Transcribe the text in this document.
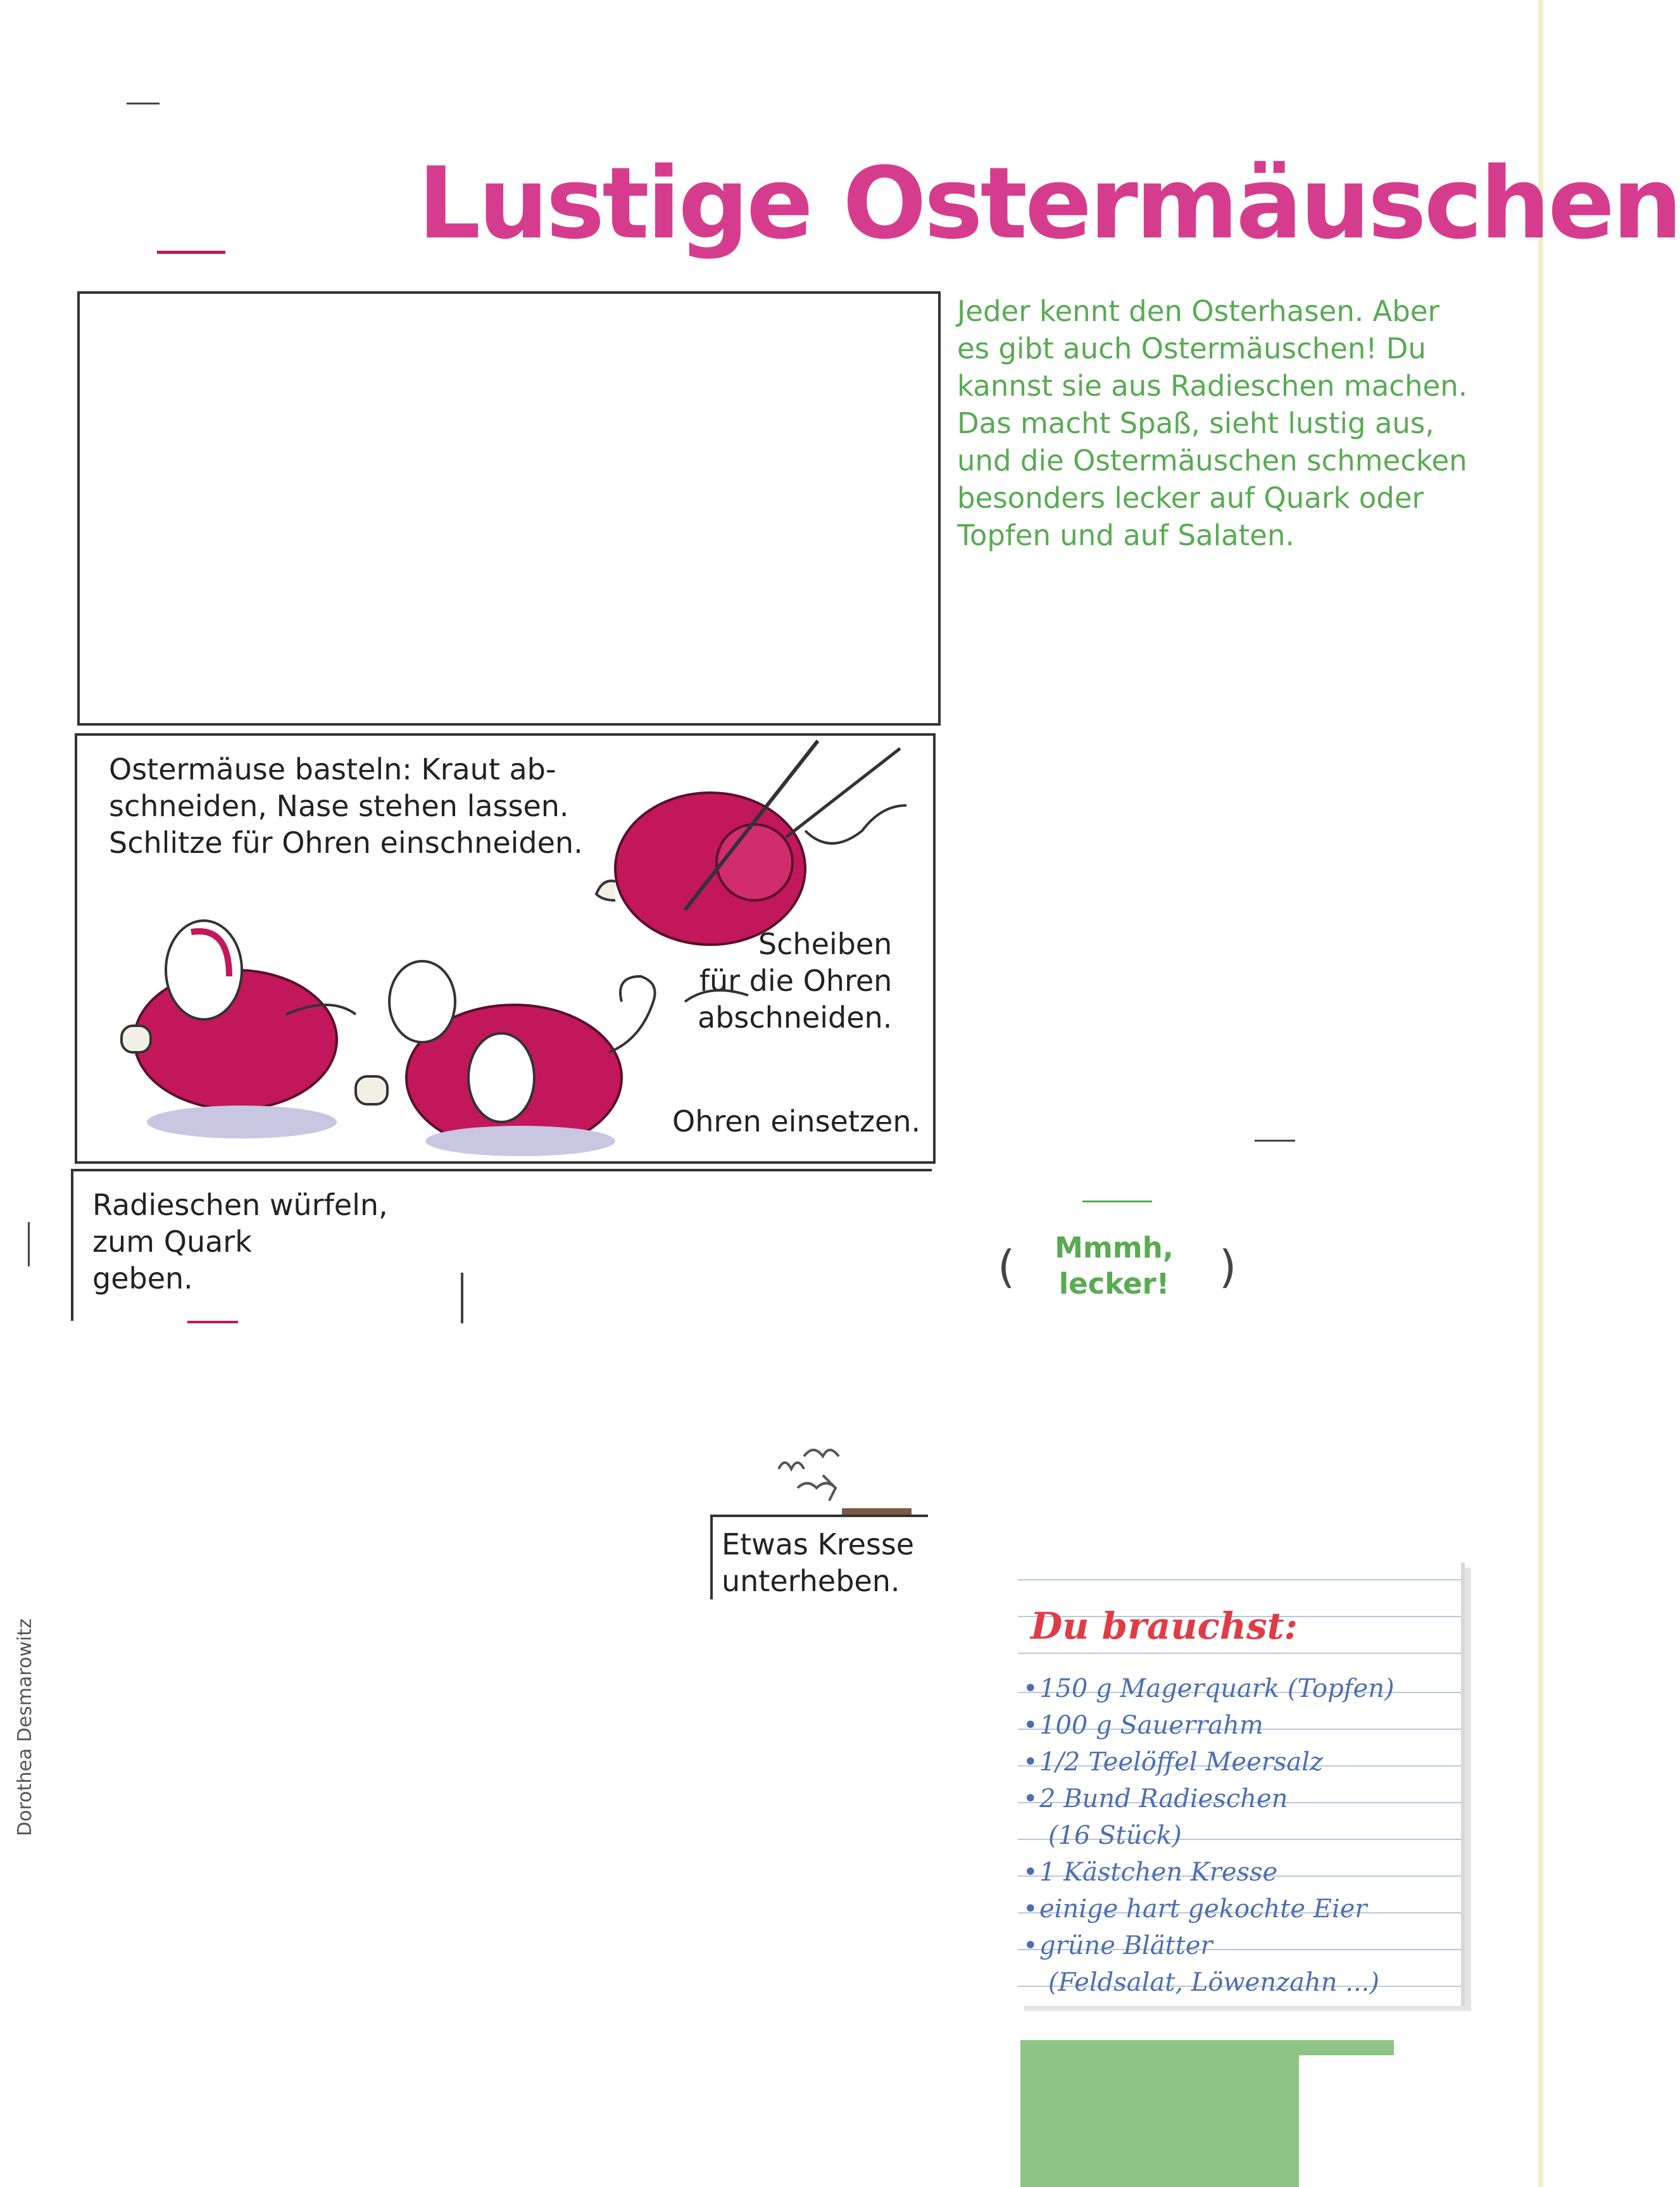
Lustige Ostermäuschen
Jeder kennt den Osterhasen. Aber
es gibt auch Ostermäuschen! Du
kannst sie aus Radieschen machen.
Das macht Spaß, sieht lustig aus,
und die Ostermäuschen schmecken
besonders lecker auf Quark oder
Topfen und auf Salaten.
Ostermäuse basteln: Kraut ab-
schneiden, Nase stehen lassen.
Schlitze für Ohren einschneiden.
Scheiben
für die Ohren
abschneiden.
Ohren einsetzen.
Radieschen würfeln,
zum Quark
geben.	(	Mmmh,
lecker!	)
Etwas Kresse
unterheben.
Dorothea Desmarowitz	Du brauchst:
•150 g Magerquark (Topfen)
•100 g Sauerrahm
•1/2 Teelöffel Meersalz
•2 Bund Radieschen
(16 Stück)
•1 Kästchen Kresse
•einige hart gekochte Eier
•grüne Blätter
(Feldsalat, Löwenzahn ...)
